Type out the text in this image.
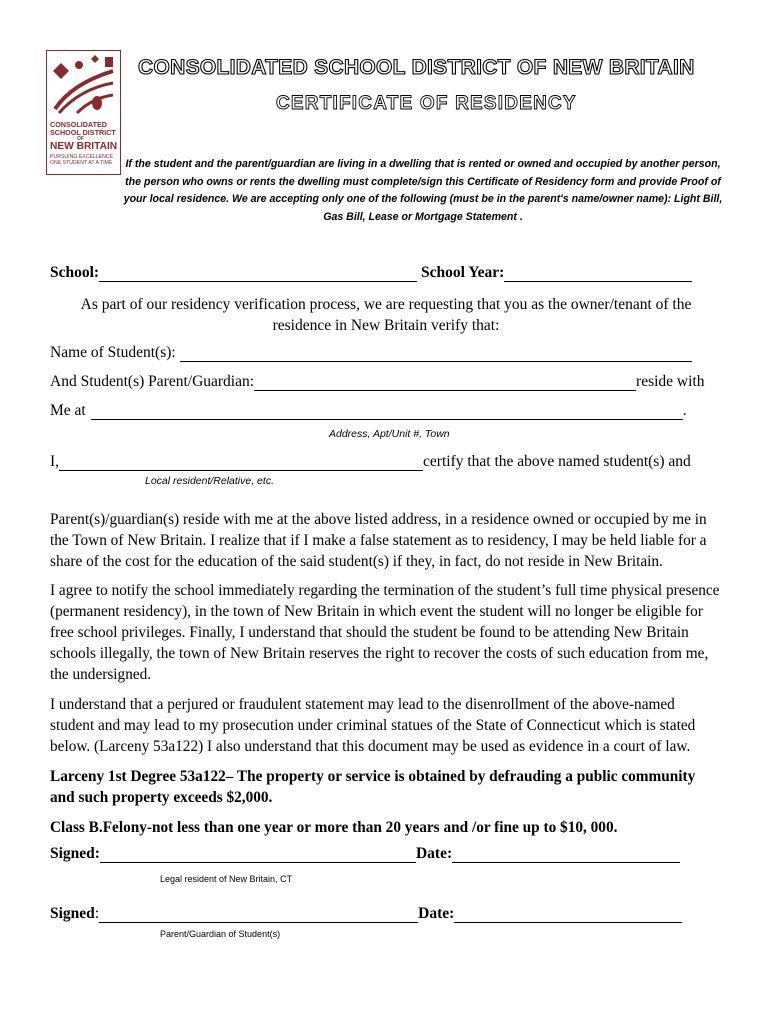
CONSOLIDATED
SCHOOL DISTRICT
OF
NEW BRITAIN
PURSUING EXCELLENCE
ONE STUDENT AT A TIME
CONSOLIDATED SCHOOL DISTRICT OF NEW BRITAIN
CERTIFICATE OF RESIDENCY
If the student and the parent/guardian are living in a dwelling that is rented or owned and occupied by another person, the person who owns or rents the dwelling must complete/sign this Certificate of Residency form and provide Proof of your local residence. We are accepting only one of the following (must be in the parent's name/owner name): Light Bill, Gas Bill, Lease or Mortgage Statement .
School:	School Year:
As part of our residency verification process, we are requesting that you as the owner/tenant of the residence in New Britain verify that:
Name of Student(s):
And Student(s) Parent/Guardian:	reside with
Me at	.
Address, Apt/Unit #, Town
I,	certify that the above named student(s) and
Local resident/Relative, etc.
Parent(s)/guardian(s) reside with me at the above listed address, in a residence owned or occupied by me in the Town of New Britain. I realize that if I make a false statement as to residency, I may be held liable for a share of the cost for the education of the said student(s) if they, in fact, do not reside in New Britain.
I agree to notify the school immediately regarding the termination of the student’s full time physical presence (permanent residency), in the town of New Britain in which event the student will no longer be eligible for free school privileges. Finally, I understand that should the student be found to be attending New Britain schools illegally, the town of New Britain reserves the right to recover the costs of such education from me, the undersigned.
I understand that a perjured or fraudulent statement may lead to the disenrollment of the above-named student and may lead to my prosecution under criminal statues of the State of Connecticut which is stated below. (Larceny 53a122) I also understand that this document may be used as evidence in a court of law.
Larceny 1st Degree 53a122– The property or service is obtained by defrauding a public community and such property exceeds $2,000.
Class B.Felony-not less than one year or more than 20 years and /or fine up to $10, 000.
Signed:	Date:
Legal resident of New Britain, CT
Signed:	Date:
Parent/Guardian of Student(s)
